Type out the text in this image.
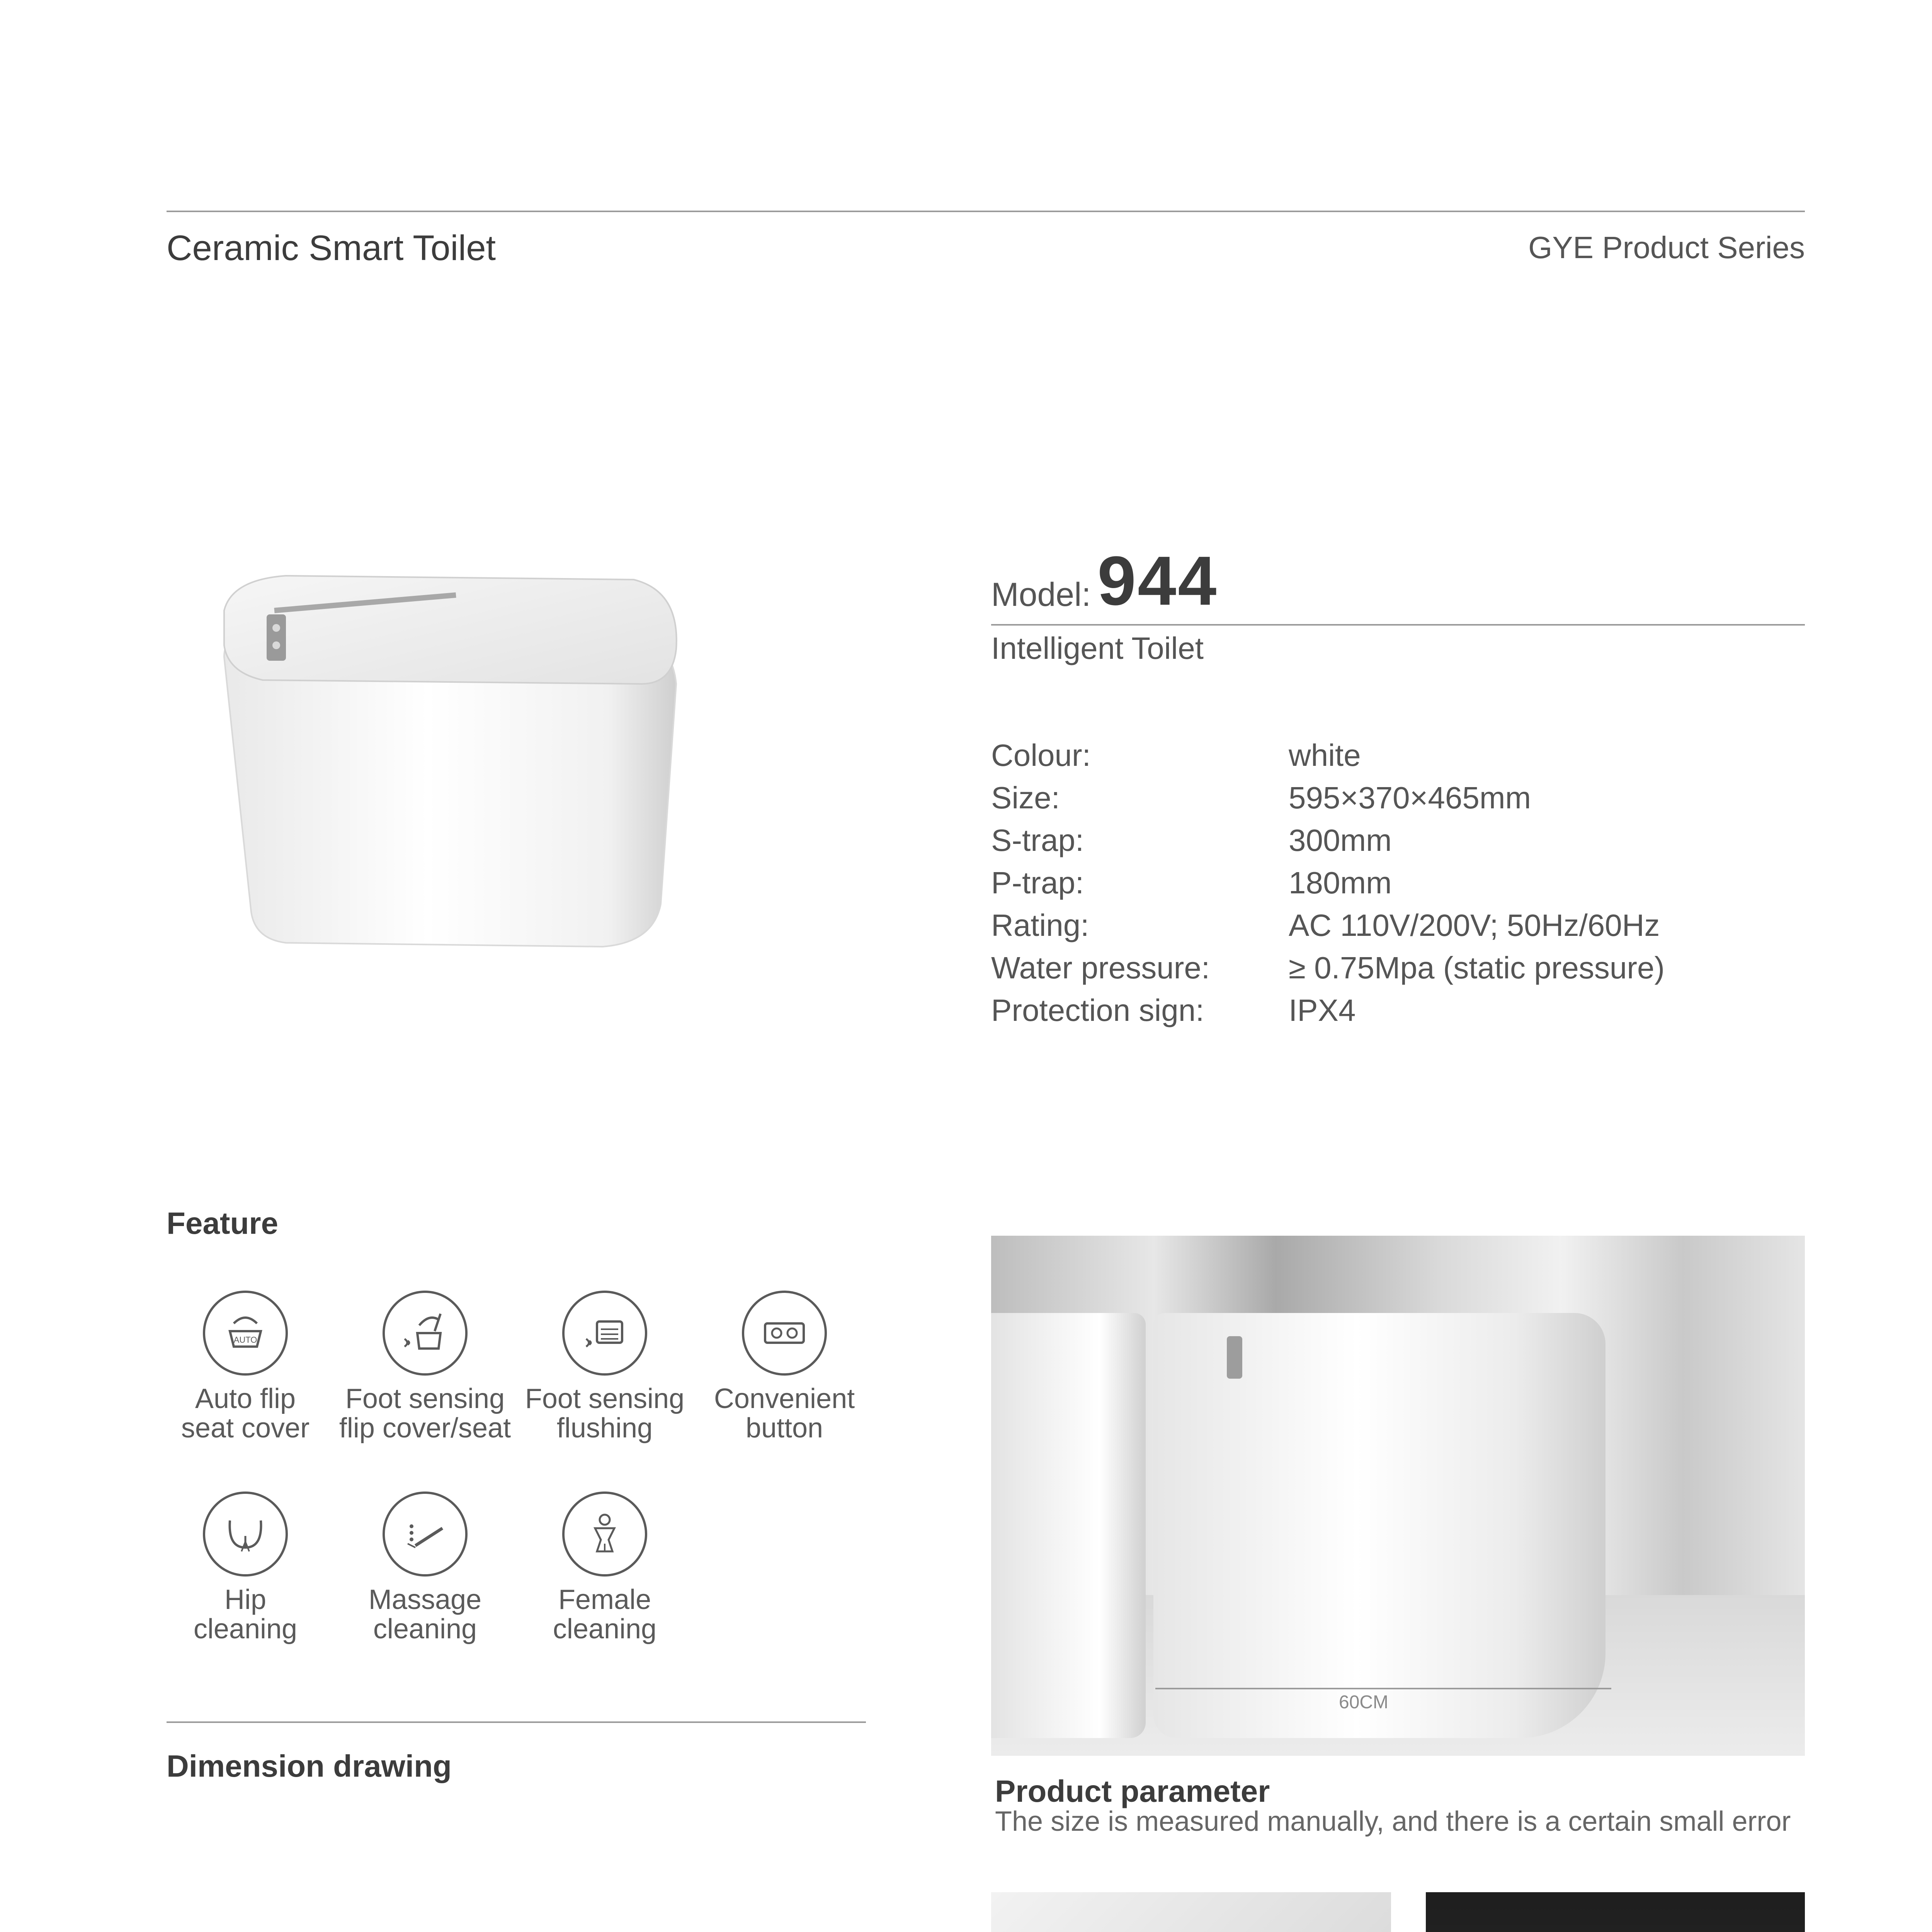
Ceramic Smart Toilet	GYE Product Series
Model: 944
Intelligent Toilet
Colour:	white
Size:	595×370×465mm
S-trap:	300mm
P-trap:	180mm
Rating:	AC 110V/200V; 50Hz/60Hz
Water pressure:	≥ 0.75Mpa (static pressure)
Protection sign:	IPX4
Feature
AUTO
Auto flip
seat cover
Foot sensing
flip cover/seat
Foot sensing
flushing
Convenient
button
Hip
cleaning
Massage
cleaning
Female
cleaning
Dimension drawing
60CM
Product parameter
The size is measured manually, and there is a certain small error
